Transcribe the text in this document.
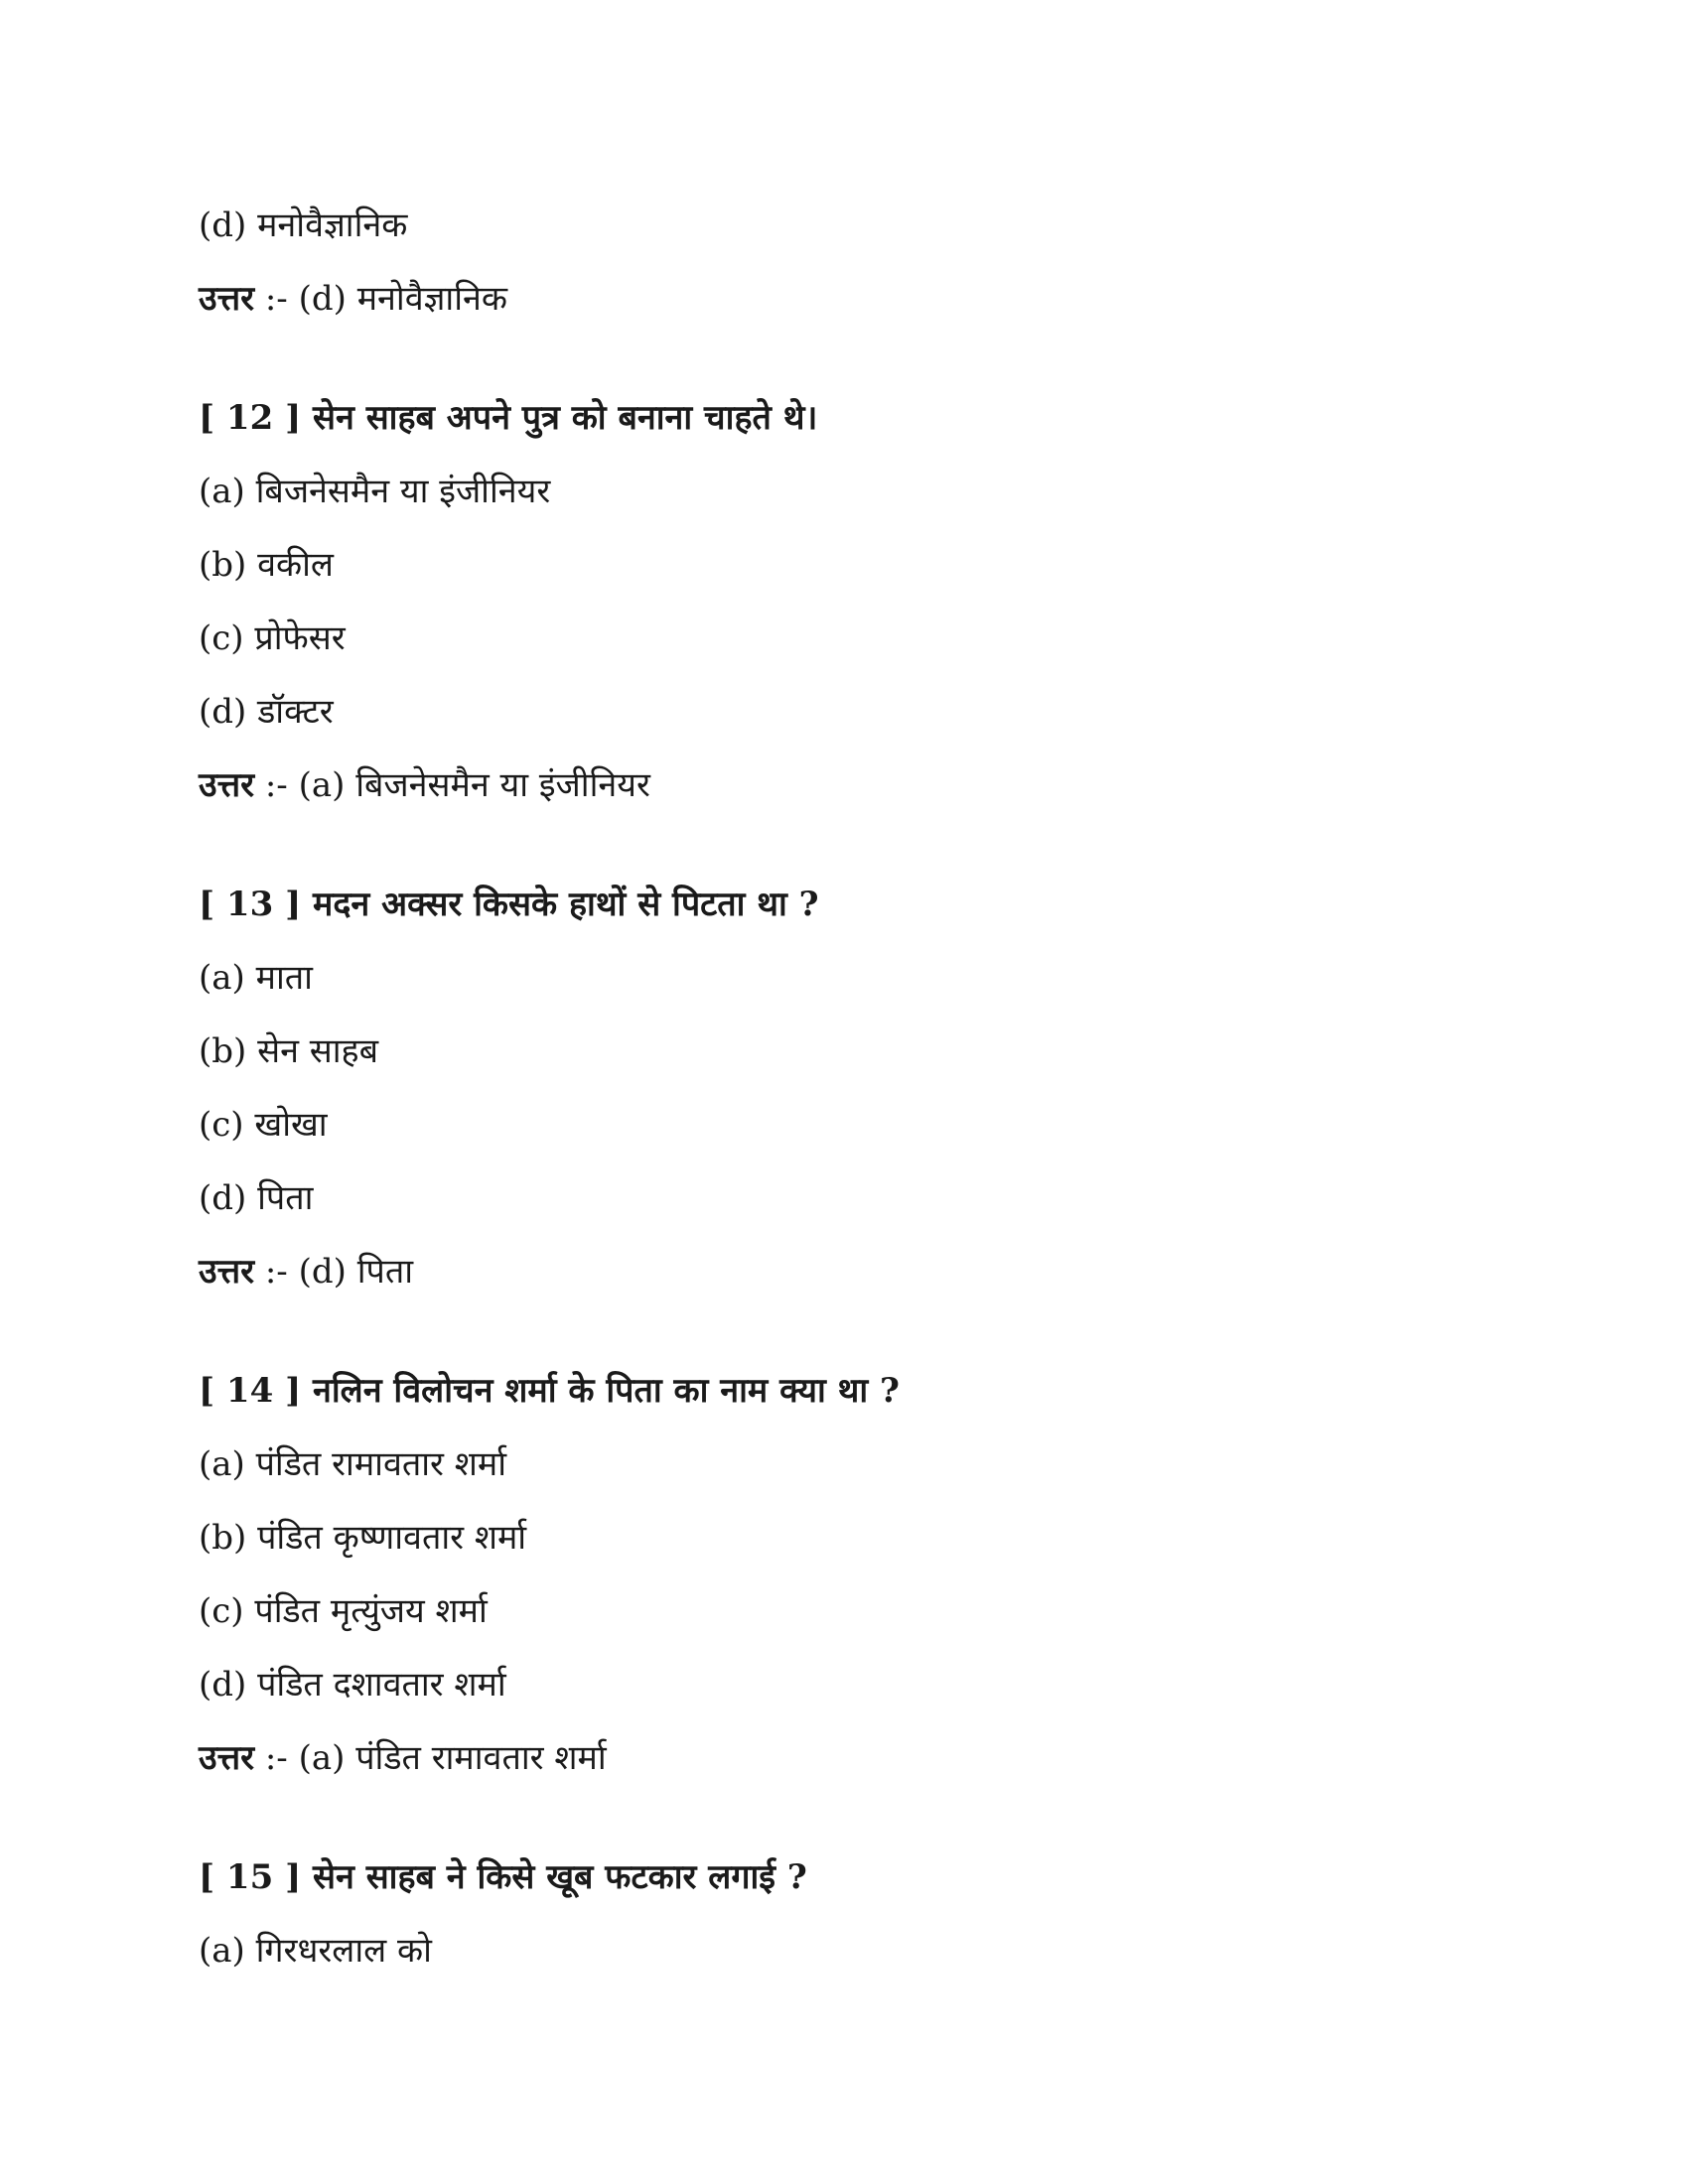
(d) मनोवैज्ञानिक
उत्तर :- (d) मनोवैज्ञानिक
[ 12 ] सेन साहब अपने पुत्र को बनाना चाहते थे।
(a) बिजनेसमैन या इंजीनियर
(b) वकील
(c) प्रोफेसर
(d) डॉक्टर
उत्तर :- (a) बिजनेसमैन या इंजीनियर
[ 13 ] मदन अक्सर किसके हाथों से पिटता था ?
(a) माता
(b) सेन साहब
(c) खोखा
(d) पिता
उत्तर :- (d) पिता
[ 14 ] नलिन विलोचन शर्मा के पिता का नाम क्या था ?
(a) पंडित रामावतार शर्मा
(b) पंडित कृष्णावतार शर्मा
(c) पंडित मृत्युंजय शर्मा
(d) पंडित दशावतार शर्मा
उत्तर :- (a) पंडित रामावतार शर्मा
[ 15 ] सेन साहब ने किसे खूब फटकार लगाई ?
(a) गिरधरलाल को
